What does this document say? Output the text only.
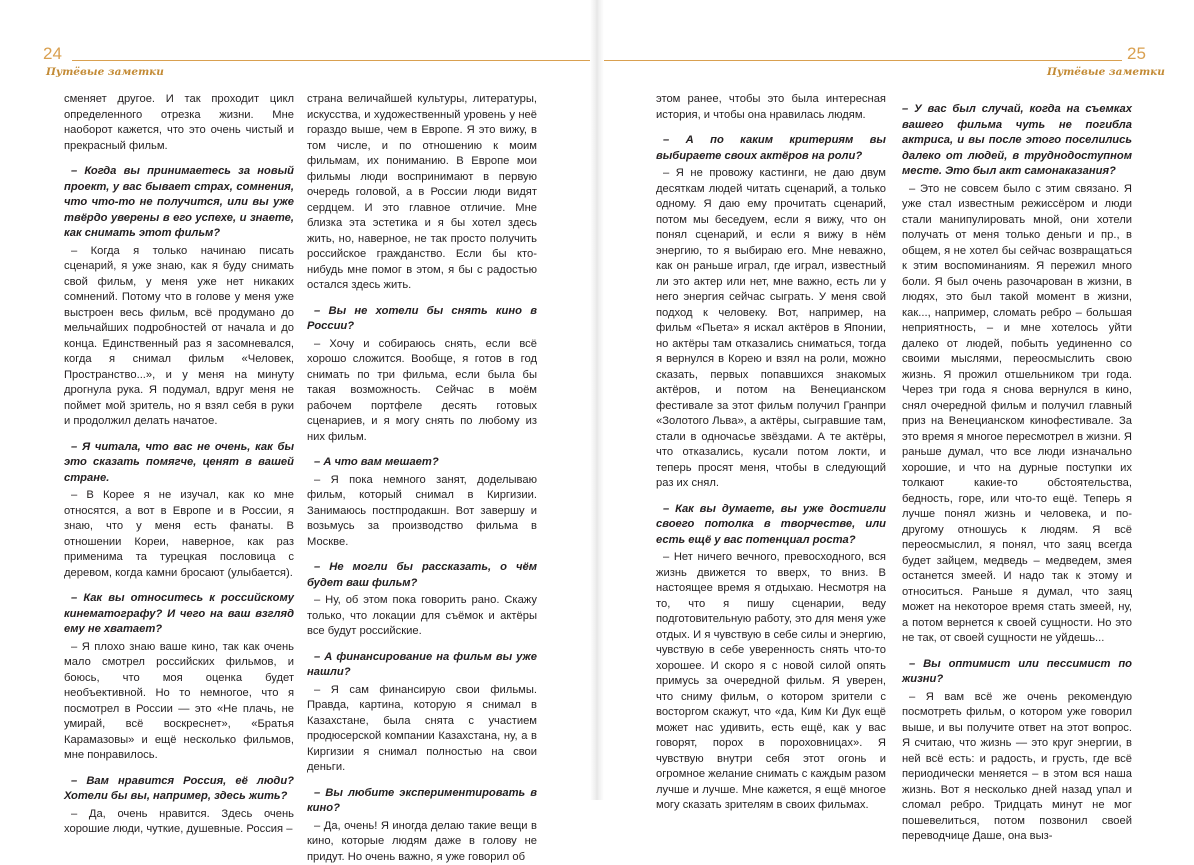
24
Путёвые заметки

сменяет другое. И так проходит цикл определенного отрезка жизни. Мне наоборот кажется, что это очень чистый и прекрасный фильм.

– Когда вы принимаетесь за новый проект, у вас бывает страх, сомнения, что что-то не получится, или вы уже твёрдо уверены в его успехе, и знаете, как снимать этот фильм?

– Когда я только начинаю писать сценарий, я уже знаю, как я буду снимать свой фильм, у меня уже нет никаких сомнений. Потому что в голове у меня уже выстроен весь фильм, всё продумано до мельчайших подробностей от начала и до конца. Единственный раз я засомневался, когда я снимал фильм «Человек, Пространство...», и у меня на минуту дрогнула рука. Я подумал, вдруг меня не поймет мой зритель, но я взял себя в руки и продолжил делать начатое.

– Я читала, что вас не очень, как бы это сказать помягче, ценят в вашей стране.

– В Корее я не изучал, как ко мне относятся, а вот в Европе и в России, я знаю, что у меня есть фанаты. В отношении Кореи, наверное, как раз применима та турецкая пословица с деревом, когда камни бросают (улыбается).

– Как вы относитесь к российскому кинематографу? И чего на ваш взгляд ему не хватает?

– Я плохо знаю ваше кино, так как очень мало смотрел российских фильмов, и боюсь, что моя оценка будет необъективной. Но то немногое, что я посмотрел в России — это «Не плачь, не умирай, всё воскреснет», «Братья Карамазовы» и ещё несколько фильмов, мне понравилось.

– Вам нравится Россия, её люди? Хотели бы вы, например, здесь жить?

– Да, очень нравится. Здесь очень хорошие люди, чуткие, душевные. Россия –

страна величайшей культуры, литературы, искусства, и художественный уровень у неё гораздо выше, чем в Европе. Я это вижу, в том числе, и по отношению к моим фильмам, их пониманию. В Европе мои фильмы люди воспринимают в первую очередь головой, а в России люди видят сердцем. И это главное отличие. Мне близка эта эстетика и я бы хотел здесь жить, но, наверное, не так просто получить российское гражданство. Если бы кто-нибудь мне помог в этом, я бы с радостью остался здесь жить.

– Вы не хотели бы снять кино в России?

– Хочу и собираюсь снять, если всё хорошо сложится. Вообще, я готов в год снимать по три фильма, если была бы такая возможность. Сейчас в моём рабочем портфеле десять готовых сценариев, и я могу снять по любому из них фильм.

– А что вам мешает?

– Я пока немного занят, доделываю фильм, который снимал в Киргизии. Занимаюсь постпродакшн. Вот завершу и возьмусь за производство фильма в Москве.

– Не могли бы рассказать, о чём будет ваш фильм?

– Ну, об этом пока говорить рано. Скажу только, что локации для съёмок и актёры все будут российские.

– А финансирование на фильм вы уже нашли?

– Я сам финансирую свои фильмы. Правда, картина, которую я снимал в Казахстане, была снята с участием продюсерской компании Казахстана, ну, а в Киргизии я снимал полностью на свои деньги.

– Вы любите экспериментировать в кино?

– Да, очень! Я иногда делаю такие вещи в кино, которые людям даже в голову не придут. Но очень важно, я уже говорил об

25
Путёвые заметки

этом ранее, чтобы это была интересная история, и чтобы она нравилась людям.

– А по каким критериям вы выбираете своих актёров на роли?

– Я не провожу кастинги, не даю двум десяткам людей читать сценарий, а только одному. Я даю ему прочитать сценарий, потом мы беседуем, если я вижу, что он понял сценарий, и если я вижу в нём энергию, то я выбираю его. Мне неважно, как он раньше играл, где играл, известный ли это актер или нет, мне важно, есть ли у него энергия сейчас сыграть. У меня свой подход к человеку. Вот, например, на фильм «Пьета» я искал актёров в Японии, но актёры там отказались сниматься, тогда я вернулся в Корею и взял на роли, можно сказать, первых попавшихся знакомых актёров, и потом на Венецианском фестивале за этот фильм получил Гранпри «Золотого Льва», а актёры, сыгравшие там, стали в одночасье звёздами. А те актёры, что отказались, кусали потом локти, и теперь просят меня, чтобы в следующий раз их снял.

– Как вы думаете, вы уже достигли своего потолка в творчестве, или есть ещё у вас потенциал роста?

– Нет ничего вечного, превосходного, вся жизнь движется то вверх, то вниз. В настоящее время я отдыхаю. Несмотря на то, что я пишу сценарии, веду подготовительную работу, это для меня уже отдых. И я чувствую в себе силы и энергию, чувствую в себе уверенность снять что-то хорошее. И скоро я с новой силой опять примусь за очередной фильм. Я уверен, что сниму фильм, о котором зрители с восторгом скажут, что «да, Ким Ки Дук ещё может нас удивить, есть ещё, как у вас говорят, порох в пороховницах». Я чувствую внутри себя этот огонь и огромное желание снимать с каждым разом лучше и лучше. Мне кажется, я ещё многое могу сказать зрителям в своих фильмах.

– У вас был случай, когда на съемках вашего фильма чуть не погибла актриса, и вы после этого поселились далеко от людей, в труднодоступном месте. Это был акт самонаказания?

– Это не совсем было с этим связано. Я уже стал известным режиссёром и люди стали манипулировать мной, они хотели получать от меня только деньги и пр., в общем, я не хотел бы сейчас возвращаться к этим воспоминаниям. Я пережил много боли. Я был очень разочарован в жизни, в людях, это был такой момент в жизни, как..., например, сломать ребро – большая неприятность, – и мне хотелось уйти далеко от людей, побыть уединенно со своими мыслями, переосмыслить свою жизнь. Я прожил отшельником три года. Через три года я снова вернулся в кино, снял очередной фильм и получил главный приз на Венецианском кинофестивале. За это время я многое пересмотрел в жизни. Я раньше думал, что все люди изначально хорошие, и что на дурные поступки их толкают какие-то обстоятельства, бедность, горе, или что-то ещё. Теперь я лучше понял жизнь и человека, и по-другому отношусь к людям. Я всё переосмыслил, я понял, что заяц всегда будет зайцем, медведь – медведем, змея останется змеей. И надо так к этому и относиться. Раньше я думал, что заяц может на некоторое время стать змеей, ну, а потом вернется к своей сущности. Но это не так, от своей сущности не уйдешь...

– Вы оптимист или пессимист по жизни?

– Я вам всё же очень рекомендую посмотреть фильм, о котором уже говорил выше, и вы получите ответ на этот вопрос. Я считаю, что жизнь — это круг энергии, в ней всё есть: и радость, и грусть, где всё периодически меняется – в этом вся наша жизнь. Вот я несколько дней назад упал и сломал ребро. Тридцать минут не мог пошевелиться, потом позвонил своей переводчице Даше, она выз-
